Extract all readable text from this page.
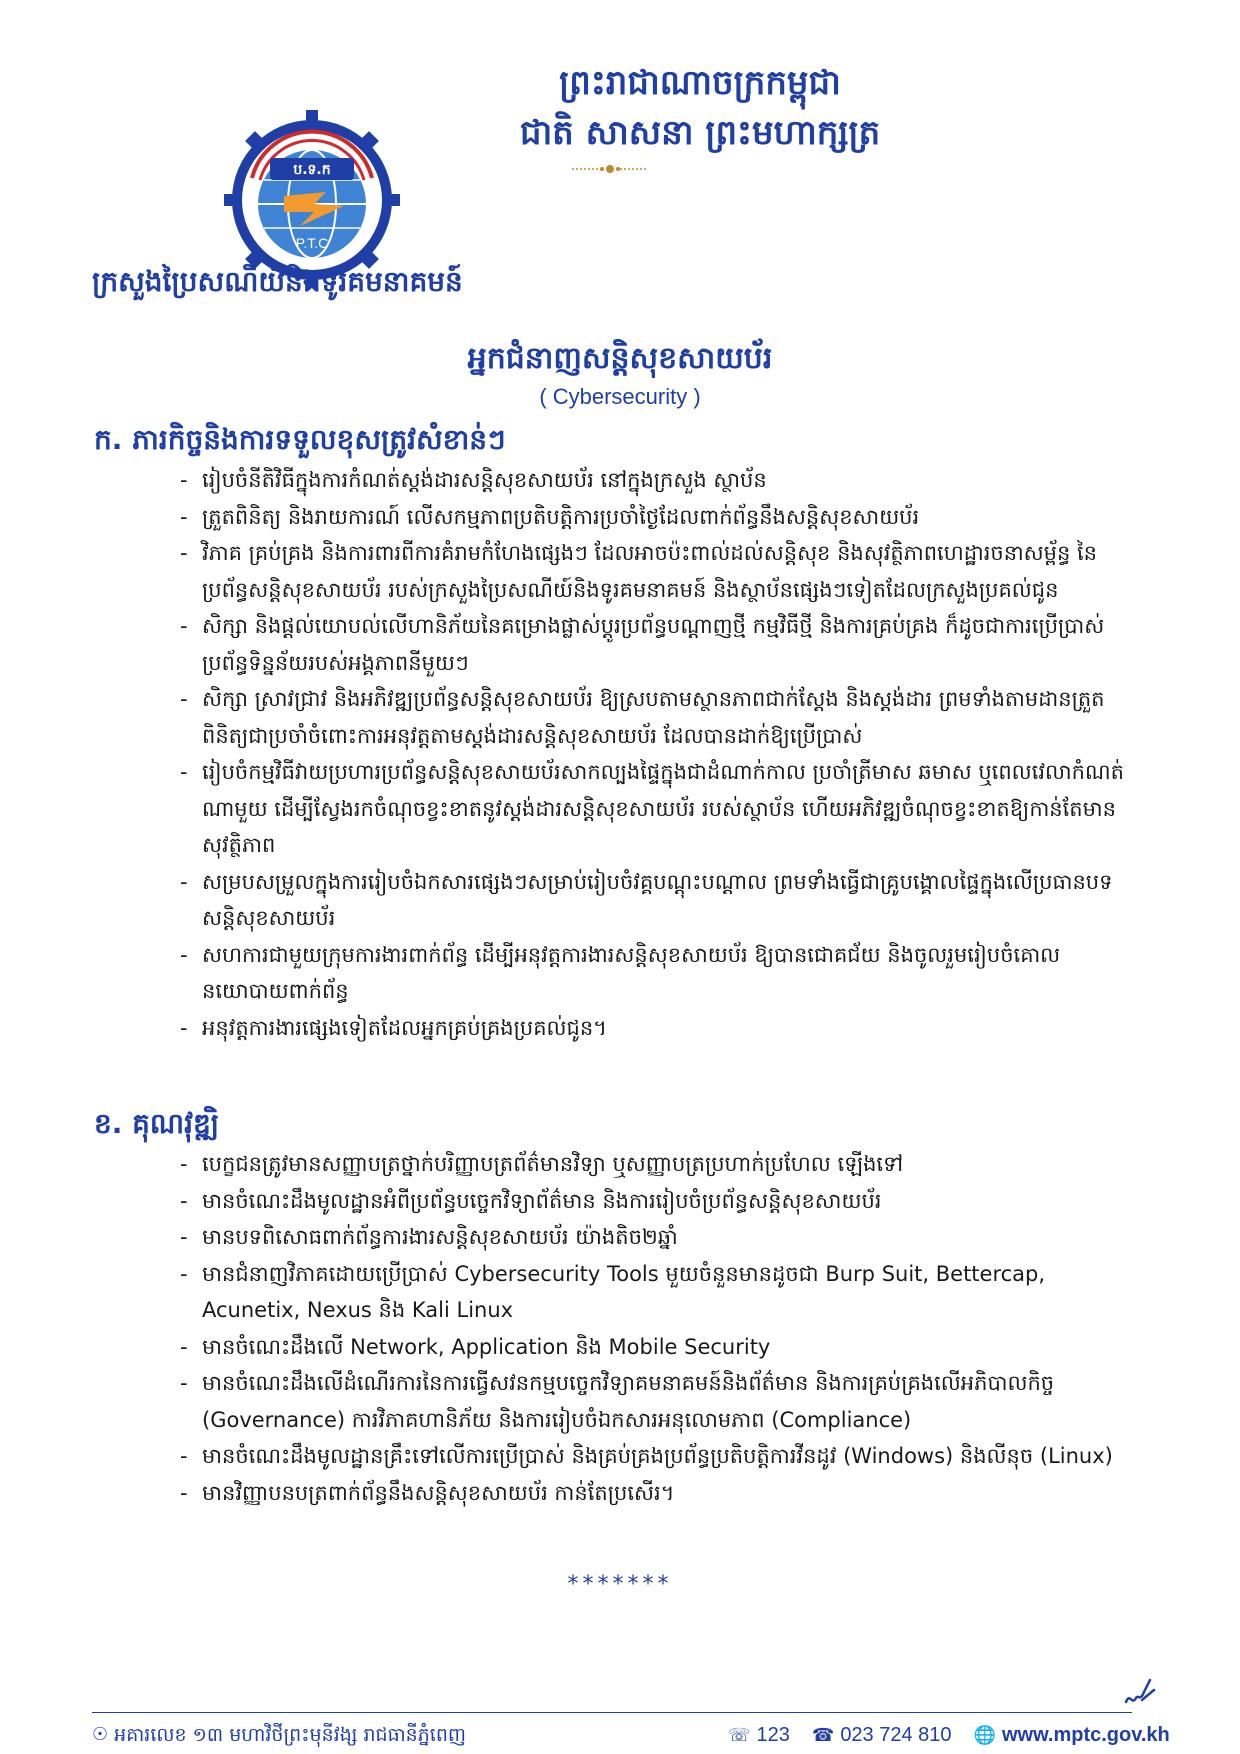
ប.ទ.ក
P.T.C
ព្រះរាជាណាចក្រកម្ពុជា
ជាតិ សាសនា ព្រះមហាក្សត្រ
ក្រសួងប្រៃសណីយ៍និងទូរគមនាគមន៍
អ្នកជំនាញសន្តិសុខសាយប័រ
( Cybersecurity )
ក. ភារកិច្ចនិងការទទួលខុសត្រូវសំខាន់ៗ
- រៀបចំនីតិវិធីក្នុងការកំណត់ស្តង់ដារសន្តិសុខសាយប័រ នៅក្នុងក្រសួង ស្ថាប័ន
- ត្រួតពិនិត្យ និងរាយការណ៍ លើសកម្មភាពប្រតិបត្តិការប្រចាំថ្ងៃដែលពាក់ព័ន្ធនឹងសន្តិសុខសាយប័រ
- វិភាគ គ្រប់គ្រង និងការពារពីការគំរាមកំហែងផ្សេងៗ ដែលអាចប៉ះពាល់ដល់សន្តិសុខ និងសុវត្ថិភាពហេដ្ឋារចនាសម្ព័ន្ធ នៃប្រព័ន្ធសន្តិសុខសាយប័រ របស់ក្រសួងប្រៃសណីយ៍និងទូរគមនាគមន៍ និងស្ថាប័នផ្សេងៗទៀតដែលក្រសួងប្រគល់ជូន
- សិក្សា និងផ្តល់យោបល់លើហានិភ័យនៃគម្រោងផ្លាស់ប្តូរប្រព័ន្ធបណ្តាញថ្មី កម្មវិធីថ្មី និងការគ្រប់គ្រង ក៏ដូចជាការប្រើប្រាស់ប្រព័ន្ធទិន្នន័យរបស់អង្គភាពនីមួយៗ
- សិក្សា ស្រាវជ្រាវ និងអភិវឌ្ឍប្រព័ន្ធសន្តិសុខសាយប័រ ឱ្យស្របតាមស្ថានភាពជាក់ស្តែង និងស្តង់ដារ ព្រមទាំងតាមដានត្រួតពិនិត្យជាប្រចាំចំពោះការអនុវត្តតាមស្តង់ដារសន្តិសុខសាយប័រ ដែលបានដាក់ឱ្យប្រើប្រាស់
- រៀបចំកម្មវិធីវាយប្រហារប្រព័ន្ធសន្តិសុខសាយប័រសាកល្បងផ្ទៃក្នុងជាដំណាក់កាល ប្រចាំត្រីមាស ឆមាស ឬពេលវេលាកំណត់ណាមួយ ដើម្បីស្វែងរកចំណុចខ្វះខាតនូវស្តង់ដារសន្តិសុខសាយប័រ របស់ស្ថាប័ន ហើយអភិវឌ្ឍចំណុចខ្វះខាតឱ្យកាន់តែមានសុវត្ថិភាព
- សម្របសម្រួលក្នុងការរៀបចំឯកសារផ្សេងៗសម្រាប់រៀបចំវគ្គបណ្តុះបណ្តាល ព្រមទាំងធ្វើជាគ្រូបង្គោលផ្ទៃក្នុងលើប្រធានបទ សន្តិសុខសាយប័រ
- សហការជាមួយក្រុមការងារពាក់ព័ន្ធ ដើម្បីអនុវត្តការងារសន្តិសុខសាយប័រ ឱ្យបានជោគជ័យ និងចូលរួមរៀបចំគោលនយោបាយពាក់ព័ន្ធ
- អនុវត្តការងារផ្សេងទៀតដែលអ្នកគ្រប់គ្រងប្រគល់ជូន។
ខ. គុណវុឌ្ឍិ
- បេក្ខជនត្រូវមានសញ្ញាបត្រថ្នាក់បរិញ្ញាបត្រព័ត៌មានវិទ្យា ឬសញ្ញាបត្រប្រហាក់ប្រហែល ឡើងទៅ
- មានចំណេះដឹងមូលដ្ឋានអំពីប្រព័ន្ធបច្ចេកវិទ្យាព័ត៌មាន និងការរៀបចំប្រព័ន្ធសន្តិសុខសាយប័រ
- មានបទពិសោធពាក់ព័ន្ធការងារសន្តិសុខសាយប័រ យ៉ាងតិច២ឆ្នាំ
- មានជំនាញវិភាគដោយប្រើប្រាស់ Cybersecurity Tools មួយចំនួនមានដូចជា Burp Suit, Bettercap, Acunetix, Nexus និង Kali Linux
- មានចំណេះដឹងលើ Network, Application និង Mobile Security
- មានចំណេះដឹងលើដំណើរការនៃការធ្វើសវនកម្មបច្ចេកវិទ្យាគមនាគមន៍និងព័ត៌មាន និងការគ្រប់គ្រងលើអភិបាលកិច្ច (Governance) ការវិភាគហានិភ័យ និងការរៀបចំឯកសារអនុលោមភាព (Compliance)
- មានចំណេះដឹងមូលដ្ឋានគ្រឹះទៅលើការប្រើប្រាស់ និងគ្រប់គ្រងប្រព័ន្ធប្រតិបត្តិការវីនដូវ (Windows) និងលីនុច (Linux)
- មានវិញ្ញាបនបត្រពាក់ព័ន្ធនឹងសន្តិសុខសាយប័រ កាន់តែប្រសើរ។
*******
☉ អគារលេខ ១៣ មហាវិថីព្រះមុនីវង្ស រាជធានីភ្នំពេញ	☏ 123 ☎ 023 724 810 🌐 www.mptc.gov.kh
